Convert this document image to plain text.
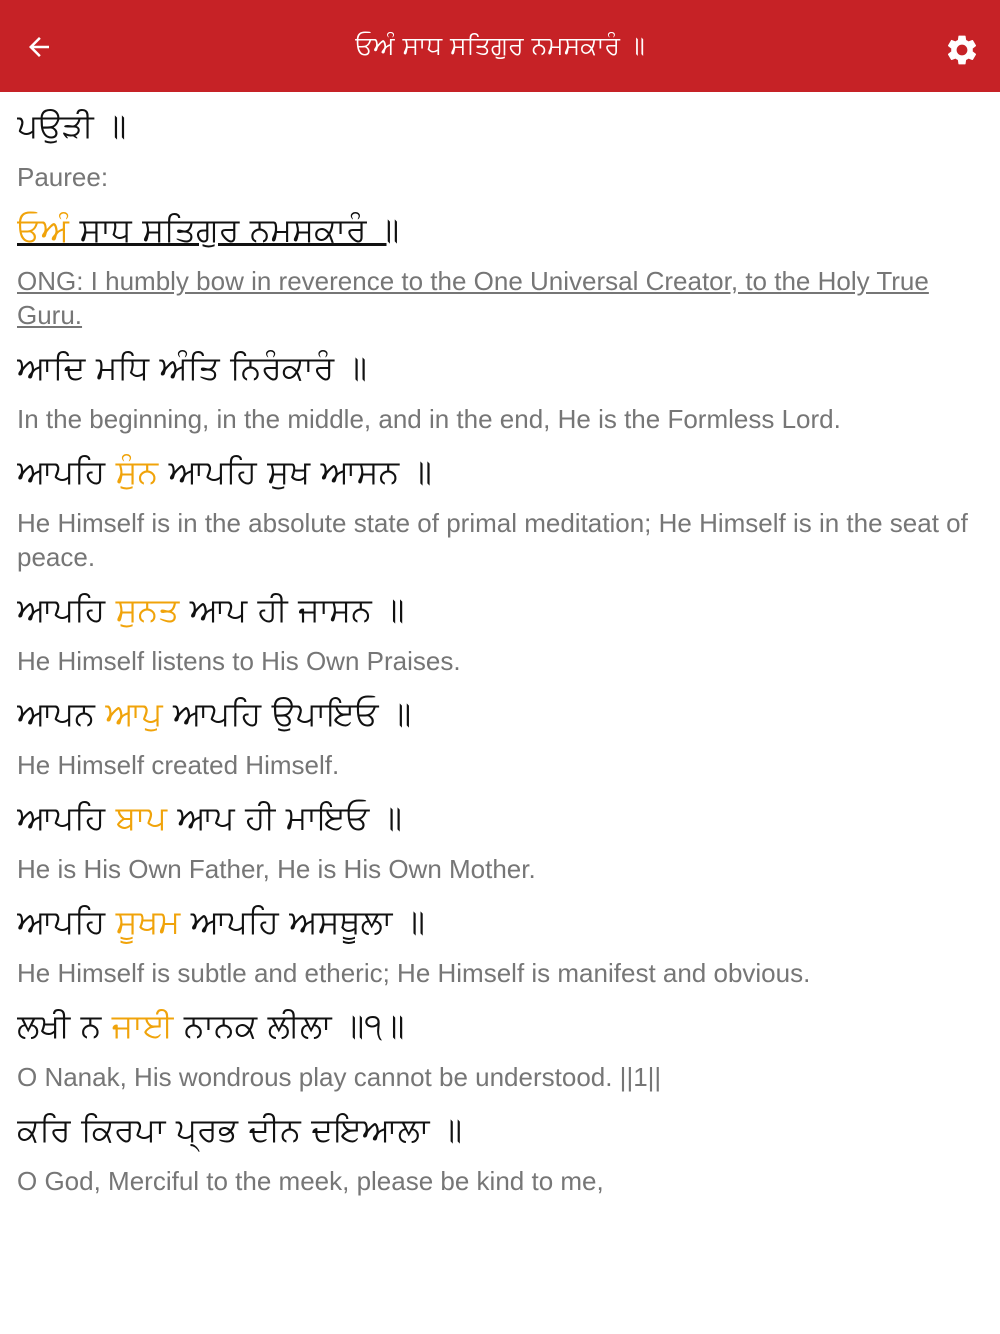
ਓਅੰ ਸਾਧ ਸਤਿਗੁਰ ਨਮਸਕਾਰੰ ॥
ਪਉੜੀ ॥
Pauree:
ਓਅੰ ਸਾਧ ਸਤਿਗੁਰ ਨਮਸਕਾਰੰ ॥
ONG: I humbly bow in reverence to the One Universal Creator, to the Holy True Guru.
ਆਦਿ ਮਧਿ ਅੰਤਿ ਨਿਰੰਕਾਰੰ ॥
In the beginning, in the middle, and in the end, He is the Formless Lord.
ਆਪਹਿ ਸੁੰਨ ਆਪਹਿ ਸੁਖ ਆਸਨ ॥
He Himself is in the absolute state of primal meditation; He Himself is in the seat of peace.
ਆਪਹਿ ਸੁਨਤ ਆਪ ਹੀ ਜਾਸਨ ॥
He Himself listens to His Own Praises.
ਆਪਨ ਆਪੁ ਆਪਹਿ ਉਪਾਇਓ ॥
He Himself created Himself.
ਆਪਹਿ ਬਾਪ ਆਪ ਹੀ ਮਾਇਓ ॥
He is His Own Father, He is His Own Mother.
ਆਪਹਿ ਸੂਖਮ ਆਪਹਿ ਅਸਥੂਲਾ ॥
He Himself is subtle and etheric; He Himself is manifest and obvious.
ਲਖੀ ਨ ਜਾਈ ਨਾਨਕ ਲੀਲਾ ॥੧॥
O Nanak, His wondrous play cannot be understood. ||1||
ਕਰਿ ਕਿਰਪਾ ਪ੍ਰਭ ਦੀਨ ਦਇਆਲਾ ॥
O God, Merciful to the meek, please be kind to me,
